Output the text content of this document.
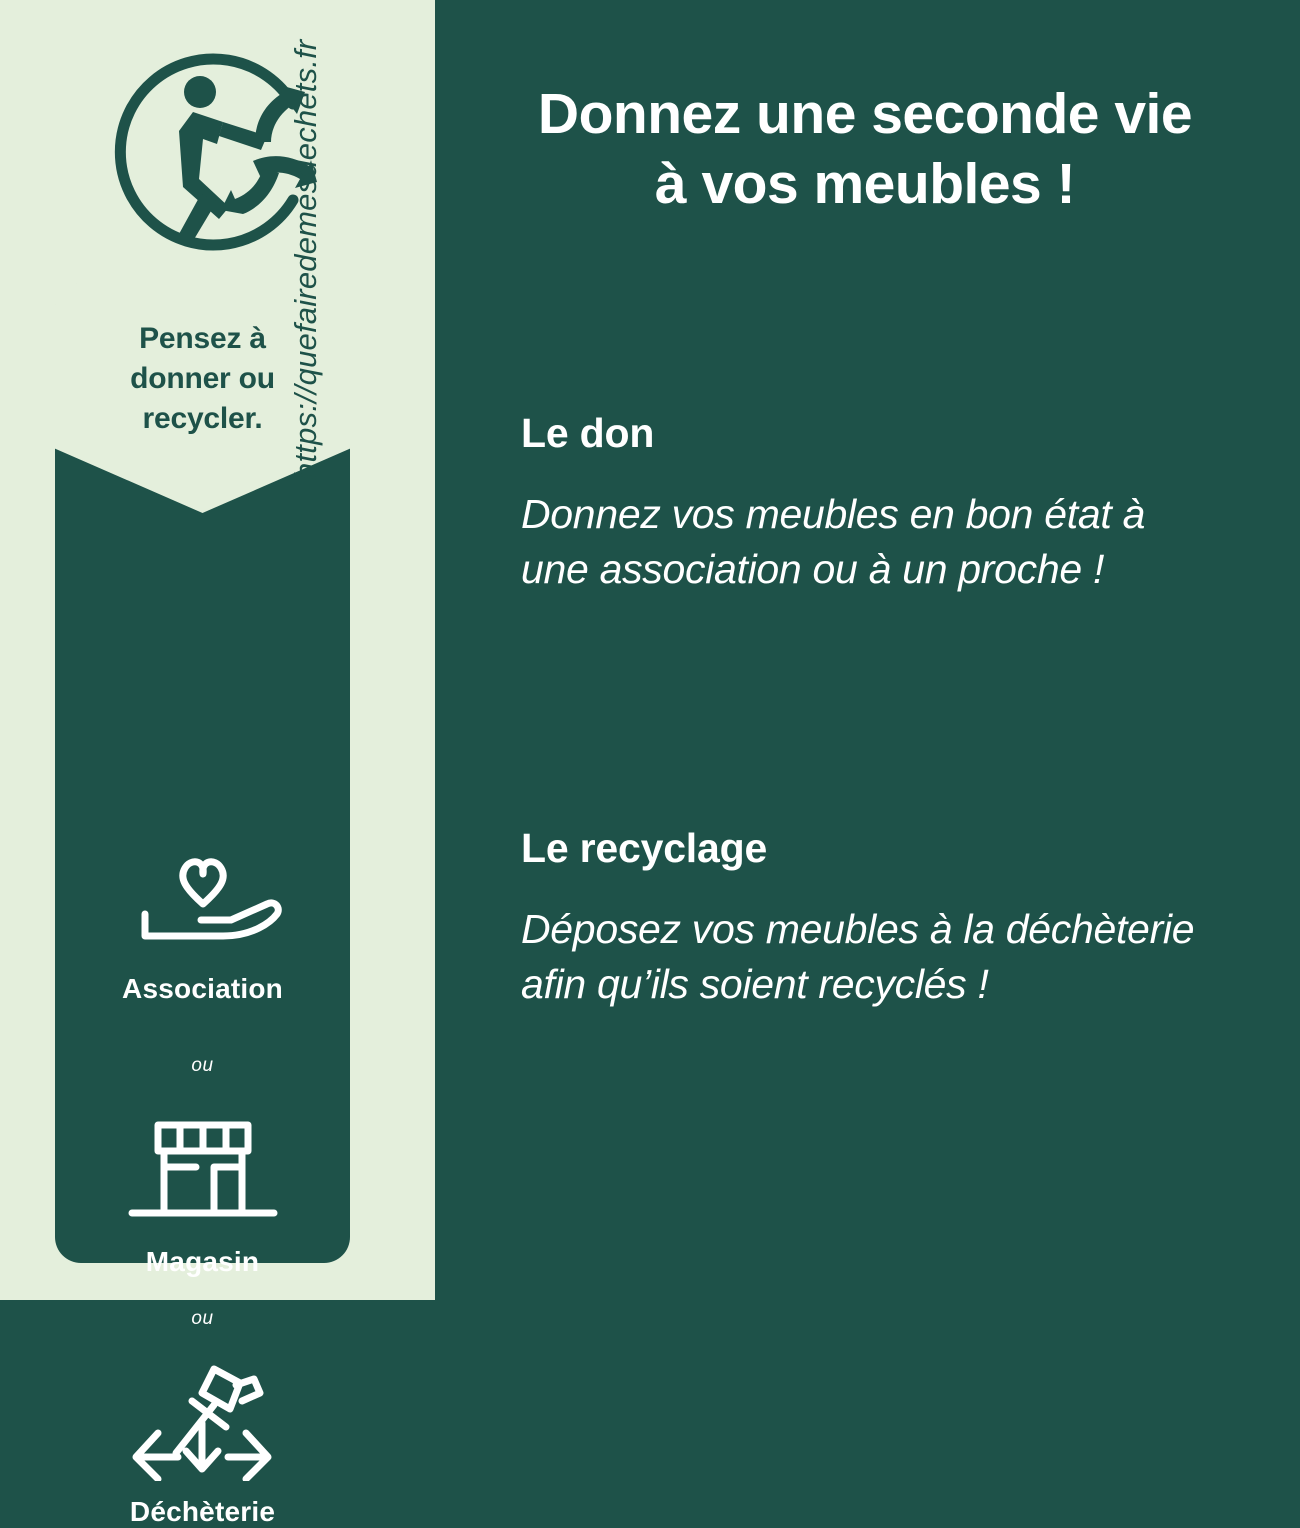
Pensez à
donner ou
recycler.
Association
ou
Magasin
ou
Déchèterie
https://quefairedemesdechets.fr	Donnez une seconde vie
à vos meubles !
Le don

Donnez vos meubles en bon état à une association ou à un proche !

Le recyclage

Déposez vos meubles à la déchèterie afin qu’ils soient recyclés !
